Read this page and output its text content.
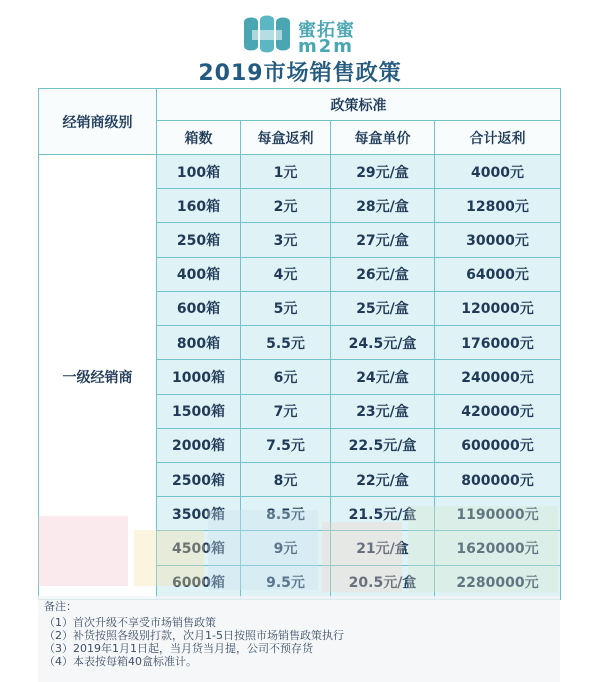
蜜拓蜜
m2m
2019市场销售政策
经销商级别	政策标准			
	箱数	每盒返利	每盒单价	合计返利
一级经销商	100箱	1元	29元/盒	4000元
	160箱	2元	28元/盒	12800元
	250箱	3元	27元/盒	30000元
	400箱	4元	26元/盒	64000元
	600箱	5元	25元/盒	120000元
	800箱	5.5元	24.5元/盒	176000元
	1000箱	6元	24元/盒	240000元
	1500箱	7元	23元/盒	420000元
	2000箱	7.5元	22.5元/盒	600000元
	2500箱	8元	22元/盒	800000元
	3500箱	8.5元	21.5元/盒	1190000元
	4500箱	9元	21元/盒	1620000元
	6000箱	9.5元	20.5元/盒	2280000元
备注：
（1）首次升级不享受市场销售政策
（2）补货按照各级别打款，次月1-5日按照市场销售政策执行
（3）2019年1月1日起，当月货当月提，公司不预存货
（4）本表按每箱40盒标准计。
